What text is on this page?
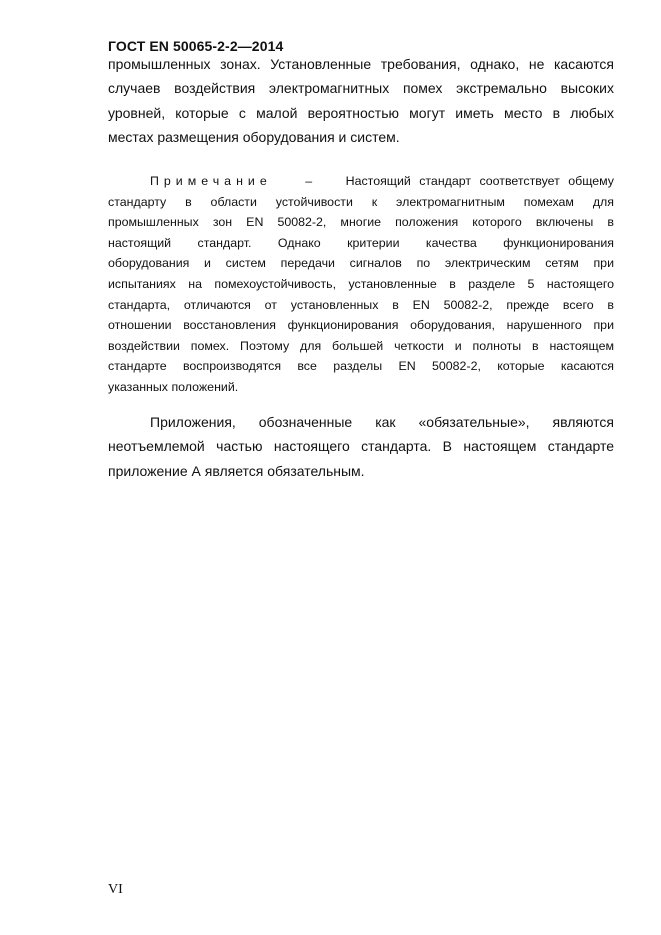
ГОСТ EN 50065-2-2—2014
промышленных зонах. Установленные требования, однако, не касаются
случаев воздействия электромагнитных помех экстремально высоких
уровней, которые с малой вероятностью могут иметь место в любых
местах размещения оборудования и систем.
Примечание	–	Настоящий стандарт соответствует общему
стандарту в области устойчивости к электромагнитным помехам для
промышленных зон EN 50082-2, многие положения которого включены в
настоящий стандарт. Однако критерии качества функционирования
оборудования и систем передачи сигналов по электрическим сетям при
испытаниях на помехоустойчивость, установленные в разделе 5 настоящего
стандарта, отличаются от установленных в EN 50082-2, прежде всего в
отношении восстановления функционирования оборудования, нарушенного при
воздействии помех. Поэтому для большей четкости и полноты в настоящем
стандарте воспроизводятся все разделы EN 50082-2, которые касаются
указанных положений.
Приложения, обозначенные как «обязательные», являются
неотъемлемой частью настоящего стандарта. В настоящем стандарте
приложение А является обязательным.
VI
